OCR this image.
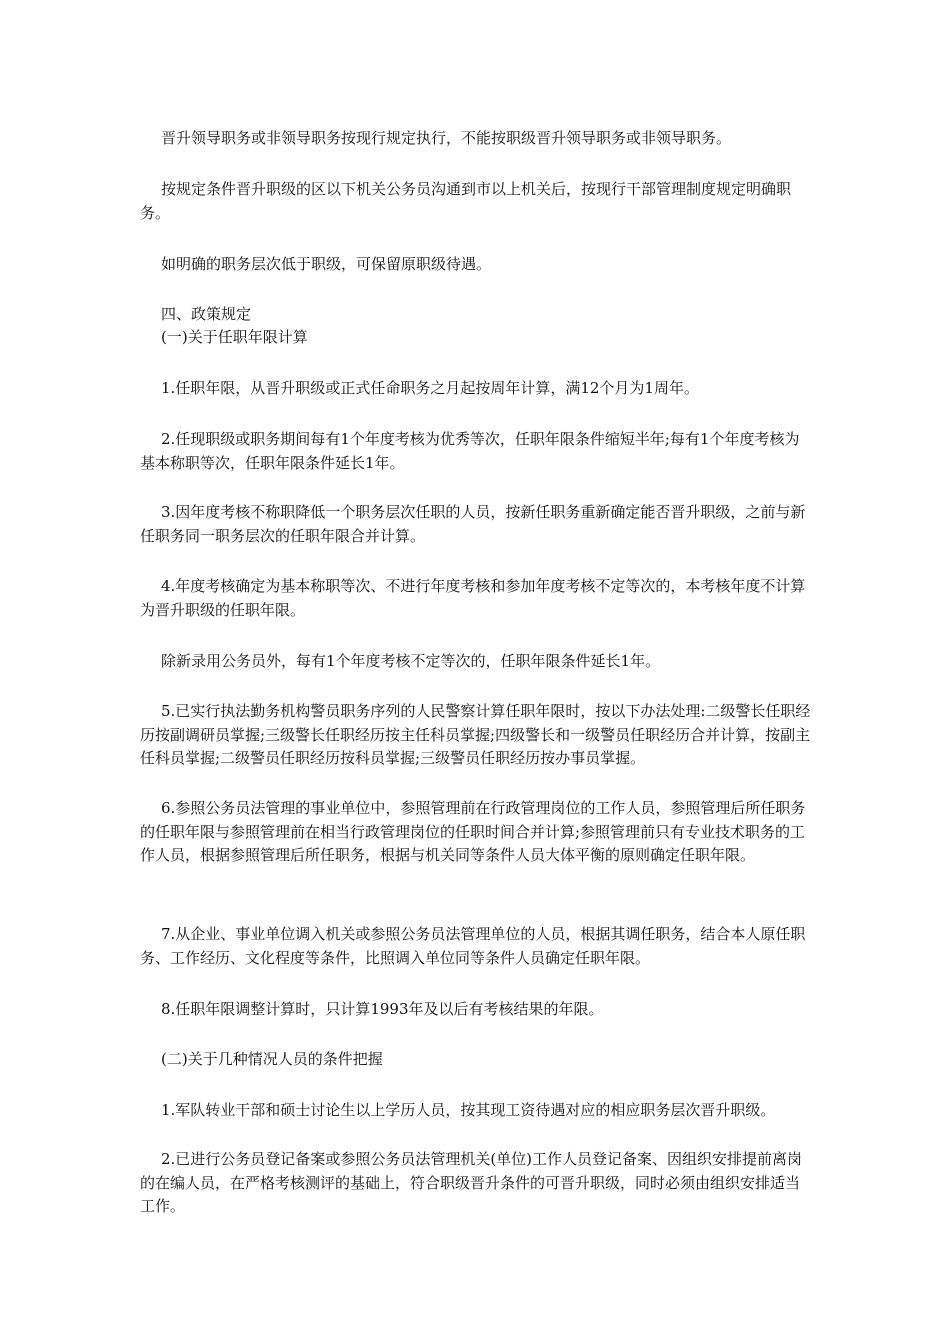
晋升领导职务或非领导职务按现行规定执行，不能按职级晋升领导职务或非领导职务。

按规定条件晋升职级的区以下机关公务员沟通到市以上机关后，按现行干部管理制度规定明确职务。

如明确的职务层次低于职级，可保留原职级待遇。

四、政策规定

(一)关于任职年限计算

1.任职年限，从晋升职级或正式任命职务之月起按周年计算，满12个月为1周年。

2.任现职级或职务期间每有1个年度考核为优秀等次，任职年限条件缩短半年;每有1个年度考核为基本称职等次，任职年限条件延长1年。

3.因年度考核不称职降低一个职务层次任职的人员，按新任职务重新确定能否晋升职级，之前与新任职务同一职务层次的任职年限合并计算。

4.年度考核确定为基本称职等次、不进行年度考核和参加年度考核不定等次的，本考核年度不计算为晋升职级的任职年限。

除新录用公务员外，每有1个年度考核不定等次的，任职年限条件延长1年。

5.已实行执法勤务机构警员职务序列的人民警察计算任职年限时，按以下办法处理:二级警长任职经历按副调研员掌握;三级警长任职经历按主任科员掌握;四级警长和一级警员任职经历合并计算，按副主任科员掌握;二级警员任职经历按科员掌握;三级警员任职经历按办事员掌握。

6.参照公务员法管理的事业单位中，参照管理前在行政管理岗位的工作人员，参照管理后所任职务的任职年限与参照管理前在相当行政管理岗位的任职时间合并计算;参照管理前只有专业技术职务的工作人员，根据参照管理后所任职务，根据与机关同等条件人员大体平衡的原则确定任职年限。

7.从企业、事业单位调入机关或参照公务员法管理单位的人员，根据其调任职务，结合本人原任职务、工作经历、文化程度等条件，比照调入单位同等条件人员确定任职年限。

8.任职年限调整计算时，只计算1993年及以后有考核结果的年限。

(二)关于几种情况人员的条件把握

1.军队转业干部和硕士讨论生以上学历人员，按其现工资待遇对应的相应职务层次晋升职级。

2.已进行公务员登记备案或参照公务员法管理机关(单位)工作人员登记备案、因组织安排提前离岗的在编人员，在严格考核测评的基础上，符合职级晋升条件的可晋升职级，同时必须由组织安排适当工作。
